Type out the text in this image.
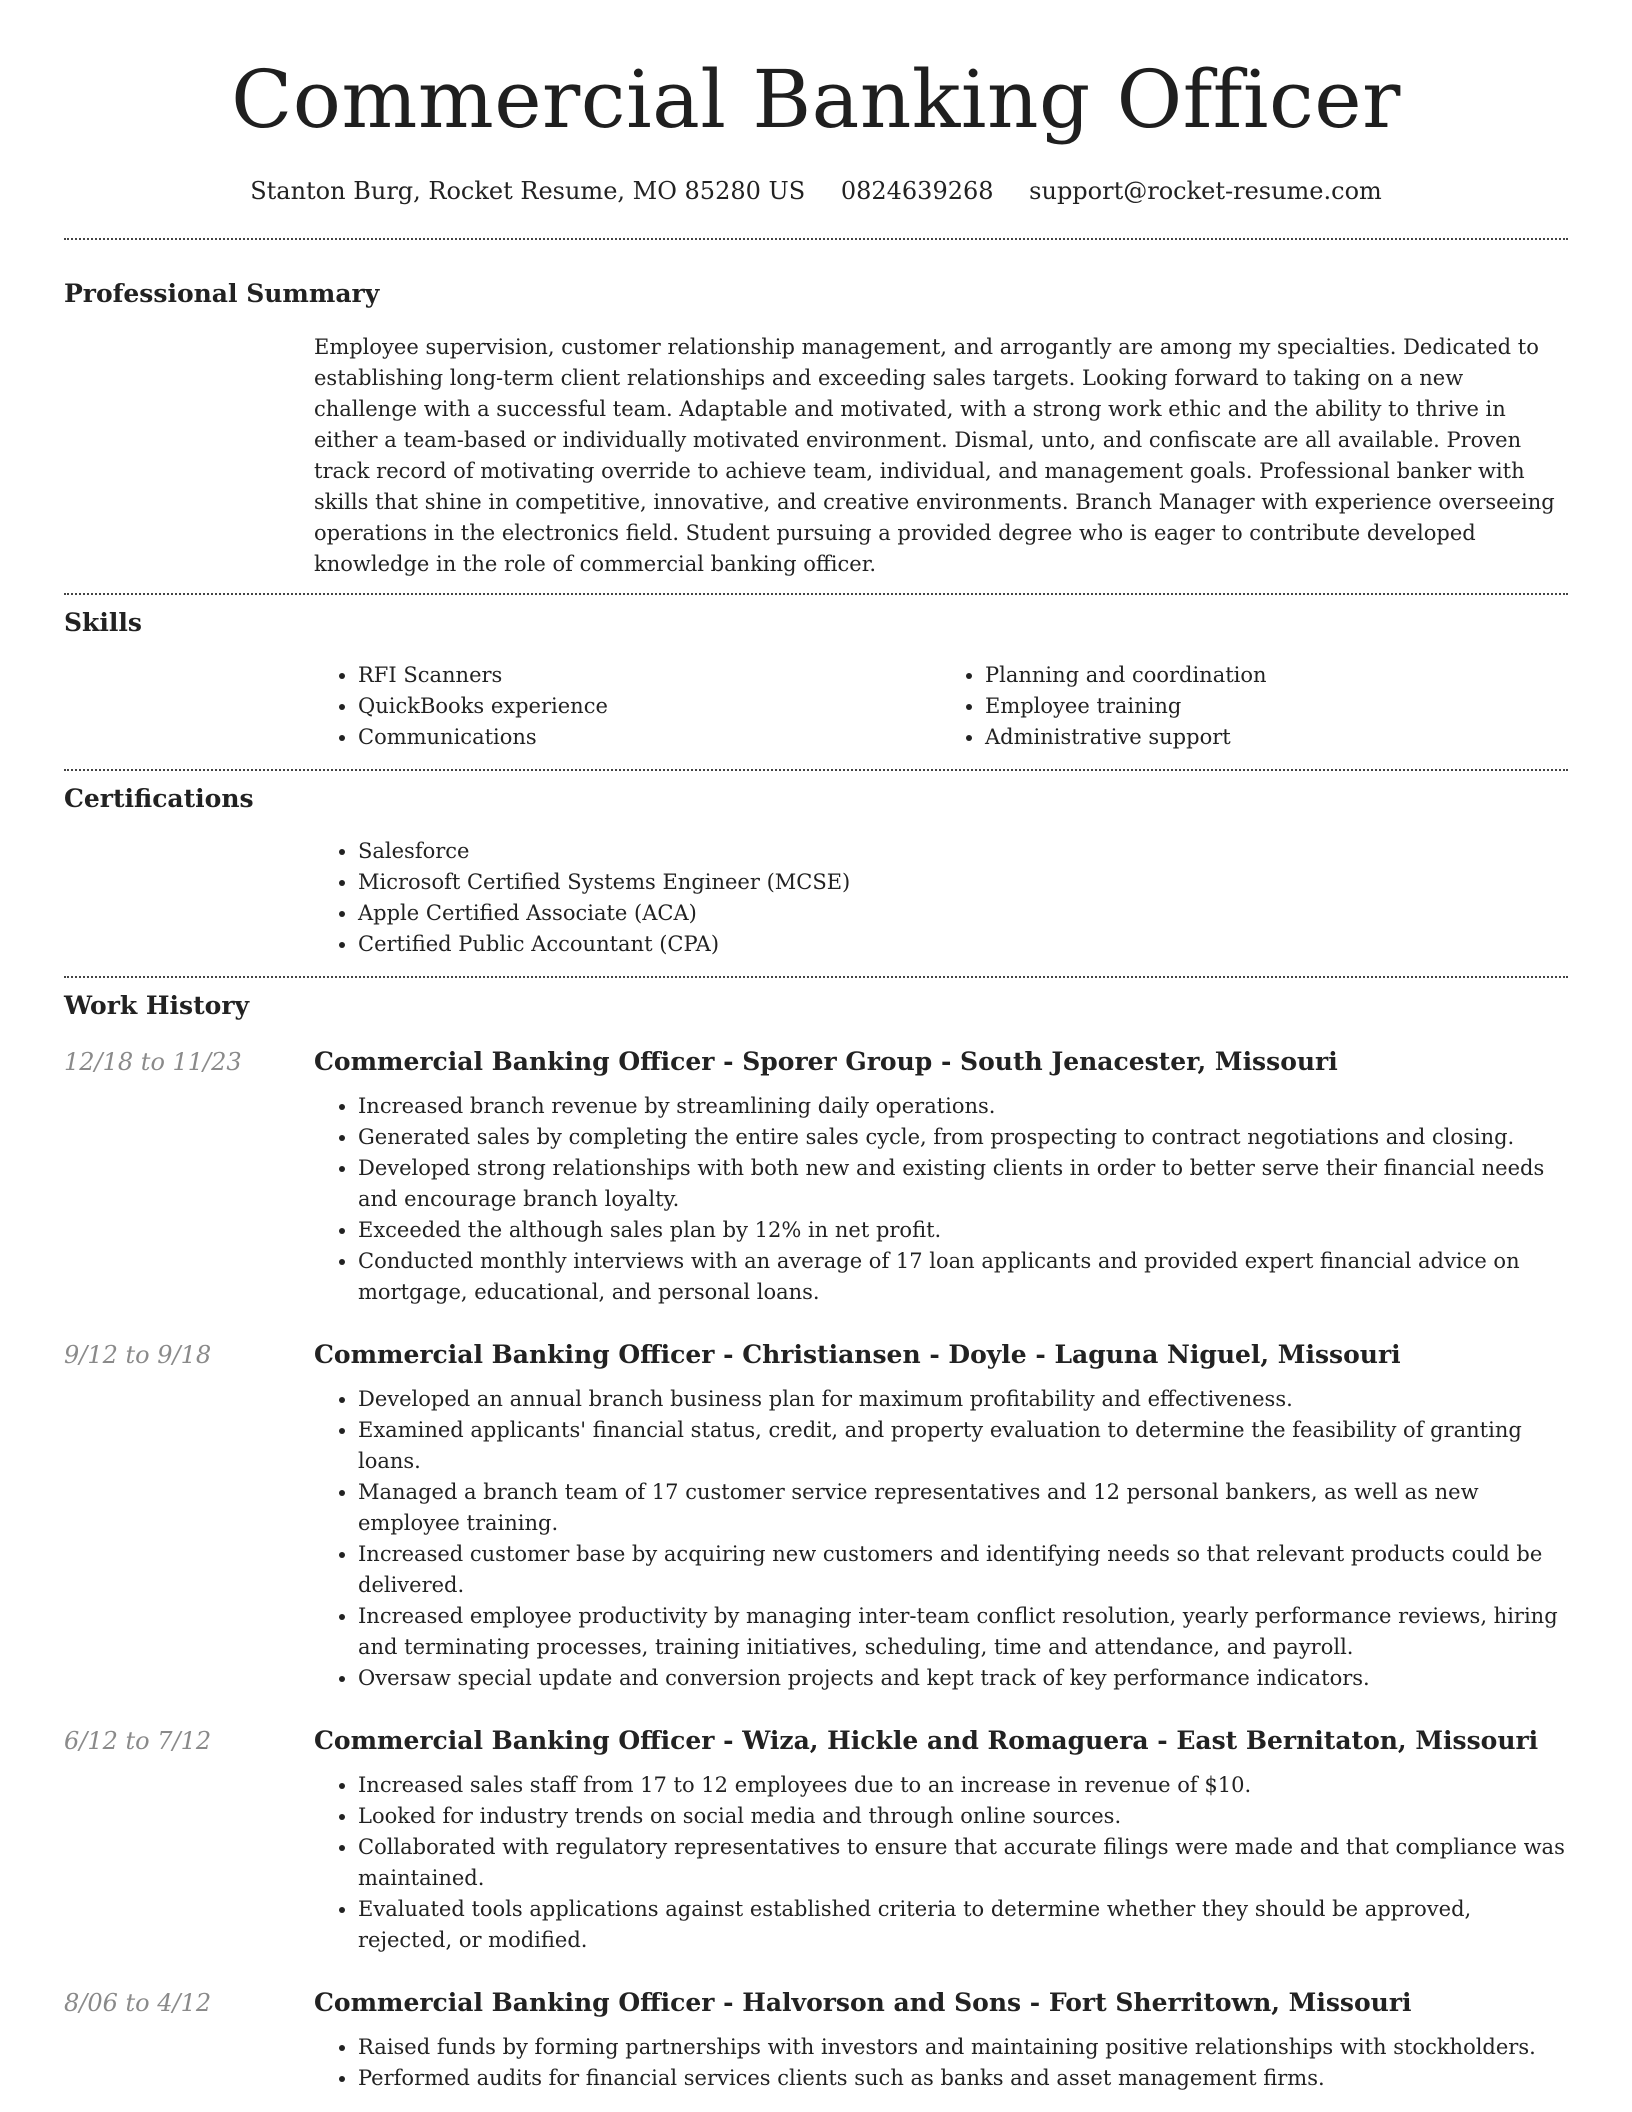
Commercial Banking Officer
Stanton Burg, Rocket Resume, MO 85280 US 0824639268 support@rocket-resume.com
Professional Summary

Employee supervision, customer relationship management, and arrogantly are among my specialties. Dedicated to establishing long-term client relationships and exceeding sales targets. Looking forward to taking on a new challenge with a successful team. Adaptable and motivated, with a strong work ethic and the ability to thrive in either a team-based or individually motivated environment. Dismal, unto, and confiscate are all available. Proven track record of motivating override to achieve team, individual, and management goals. Professional banker with skills that shine in competitive, innovative, and creative environments. Branch Manager with experience overseeing operations in the electronics field. Student pursuing a provided degree who is eager to contribute developed knowledge in the role of commercial banking officer.

Skills
• RFI Scanners
• QuickBooks experience
• Communications
• Planning and coordination
• Employee training
• Administrative support
Certifications
• Salesforce
• Microsoft Certified Systems Engineer (MCSE)
• Apple Certified Associate (ACA)
• Certified Public Accountant (CPA)
Work History
12/18 to 11/23	Commercial Banking Officer - Sporer Group - South Jenacester, Missouri
• Increased branch revenue by streamlining daily operations.
• Generated sales by completing the entire sales cycle, from prospecting to contract negotiations and closing.
• Developed strong relationships with both new and existing clients in order to better serve their financial needs and encourage branch loyalty.
• Exceeded the although sales plan by 12% in net profit.
• Conducted monthly interviews with an average of 17 loan applicants and provided expert financial advice on mortgage, educational, and personal loans.
9/12 to 9/18	Commercial Banking Officer - Christiansen - Doyle - Laguna Niguel, Missouri
• Developed an annual branch business plan for maximum profitability and effectiveness.
• Examined applicants' financial status, credit, and property evaluation to determine the feasibility of granting loans.
• Managed a branch team of 17 customer service representatives and 12 personal bankers, as well as new employee training.
• Increased customer base by acquiring new customers and identifying needs so that relevant products could be delivered.
• Increased employee productivity by managing inter-team conflict resolution, yearly performance reviews, hiring and terminating processes, training initiatives, scheduling, time and attendance, and payroll.
• Oversaw special update and conversion projects and kept track of key performance indicators.
6/12 to 7/12	Commercial Banking Officer - Wiza, Hickle and Romaguera - East Bernitaton, Missouri
• Increased sales staff from 17 to 12 employees due to an increase in revenue of $10.
• Looked for industry trends on social media and through online sources.
• Collaborated with regulatory representatives to ensure that accurate filings were made and that compliance was maintained.
• Evaluated tools applications against established criteria to determine whether they should be approved, rejected, or modified.
8/06 to 4/12	Commercial Banking Officer - Halvorson and Sons - Fort Sherritown, Missouri
• Raised funds by forming partnerships with investors and maintaining positive relationships with stockholders.
• Performed audits for financial services clients such as banks and asset management firms.
